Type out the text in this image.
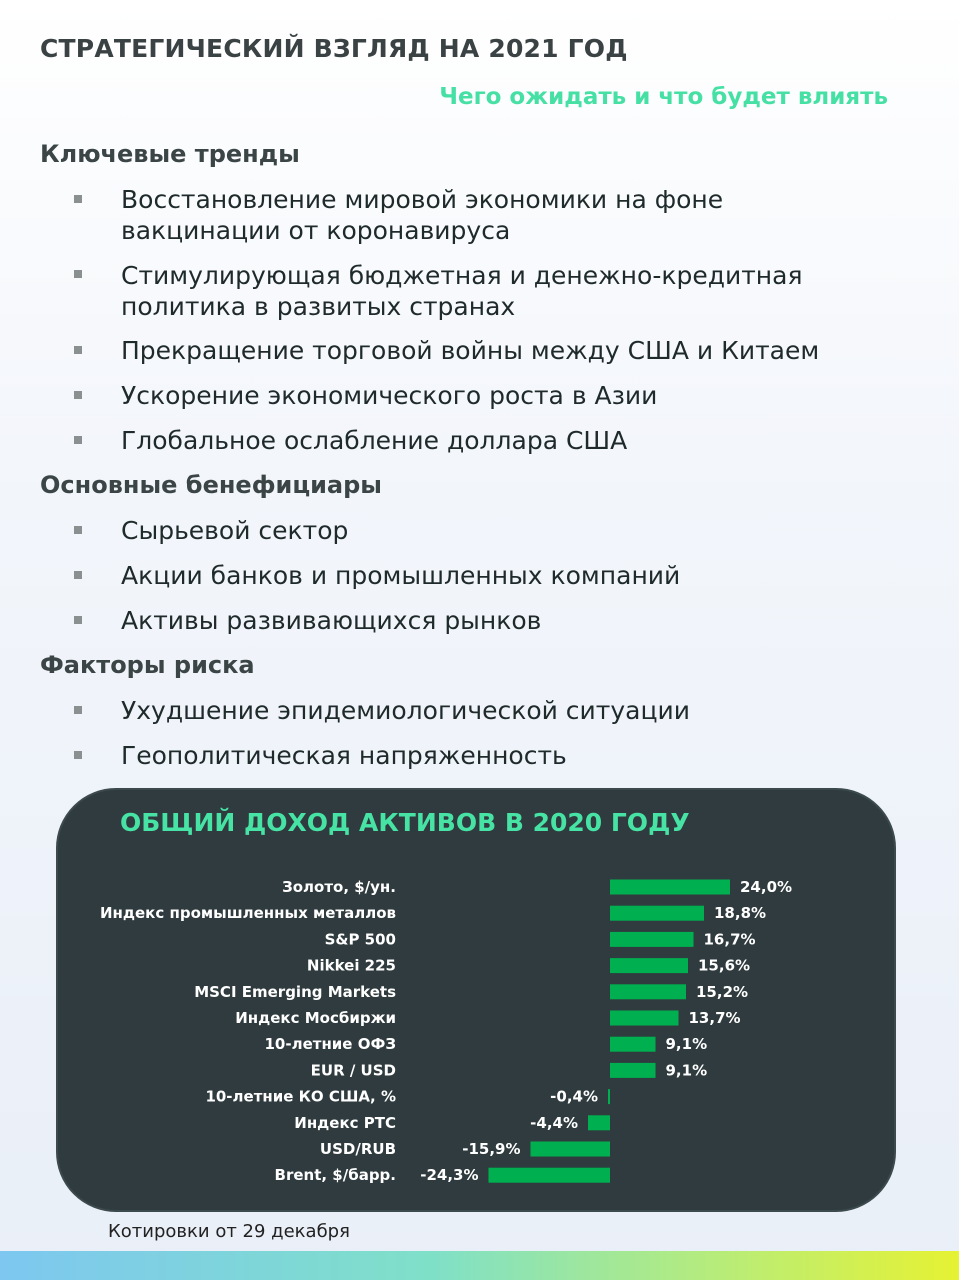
СТРАТЕГИЧЕСКИЙ ВЗГЛЯД НА 2021 ГОД
Чего ожидать и что будет влиять
Ключевые тренды
Восстановление мировой экономики на фоне вакцинации от коронавируса
Стимулирующая бюджетная и денежно-кредитная политика в развитых странах
Прекращение торговой войны между США и Китаем
Ускорение экономического роста в Азии
Глобальное ослабление доллара США
Основные бенефициары
Сырьевой сектор
Акции банков и промышленных компаний
Активы развивающихся рынков
Факторы риска
Ухудшение эпидемиологической ситуации
Геополитическая напряженность
ОБЩИЙ ДОХОД АКТИВОВ В 2020 ГОДУ
Золото, $/ун.	24,0%
Индекс промышленных металлов	18,8%
S&P 500	16,7%
Nikkei 225	15,6%
MSCI Emerging Markets	15,2%
Индекс Мосбиржи	13,7%
10-летние ОФЗ	9,1%
EUR / USD	9,1%
10-летние КО США, %	-0,4%
Индекс РТС	-4,4%
USD/RUB	-15,9%
Brent, $/барр. -24,3%
Котировки от 29 декабря
